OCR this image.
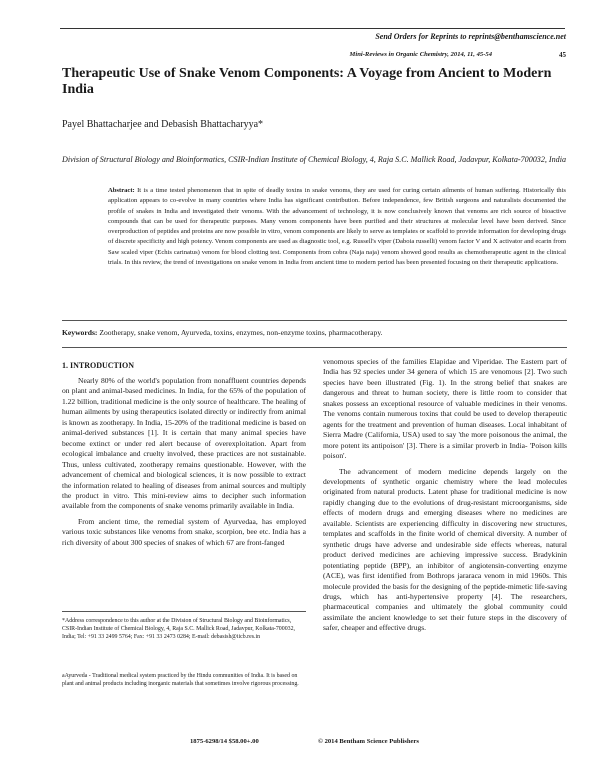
Send Orders for Reprints to reprints@benthamscience.net
Mini-Reviews in Organic Chemistry, 2014, 11, 45-54	45
Therapeutic Use of Snake Venom Components: A Voyage from Ancient to Modern India
Payel Bhattacharjee and Debasish Bhattacharyya*
Division of Structural Biology and Bioinformatics, CSIR-Indian Institute of Chemical Biology, 4, Raja S.C. Mallick Road, Jadavpur, Kolkata-700032, India
Abstract: It is a time tested phenomenon that in spite of deadly toxins in snake venoms, they are used for curing certain ailments of human suffering. Historically this application appears to co-evolve in many countries where India has significant contribution. Before independence, few British surgeons and naturalists documented the profile of snakes in India and investigated their venoms. With the advancement of technology, it is now conclusively known that venoms are rich source of bioactive compounds that can be used for therapeutic purposes. Many venom components have been purified and their structures at molecular level have been derived. Since overproduction of peptides and proteins are now possible in vitro, venom components are likely to serve as templates or scaffold to provide information for developing drugs of discrete specificity and high potency. Venom components are used as diagnostic tool, e.g. Russell's viper (Daboia russelli) venom factor V and X activator and ecarin from Saw scaled viper (Echis carinatus) venom for blood clotting test. Components from cobra (Naja naja) venom showed good results as chemotherapeutic agent in the clinical trials. In this review, the trend of investigations on snake venom in India from ancient time to modern period has been presented focusing on their therapeutic applications.
Keywords: Zootherapy, snake venom, Ayurveda, toxins, enzymes, non-enzyme toxins, pharmacotherapy.
1. INTRODUCTION

Nearly 80% of the world's population from nonaffluent countries depends on plant and animal-based medicines. In India, for the 65% of the population of 1.22 billion, traditional medicine is the only source of healthcare. The healing of human ailments by using therapeutics isolated directly or indirectly from animal is known as zootherapy. In India, 15-20% of the traditional medicine is based on animal-derived substances [1]. It is certain that many animal species have become extinct or under red alert because of overexploitation. Apart from ecological imbalance and cruelty involved, these practices are not sustainable. Thus, unless cultivated, zootherapy remains questionable. However, with the advancement of chemical and biological sciences, it is now possible to extract the information related to healing of diseases from animal sources and multiply the product in vitro. This mini-review aims to decipher such information available from the components of snake venoms primarily available in India.

From ancient time, the remedial system of Ayurvedaa, has employed various toxic substances like venoms from snake, scorpion, bee etc. India has a rich diversity of about 300 species of snakes of which 67 are front-fanged

venomous species of the families Elapidae and Viperidae. The Eastern part of India has 92 species under 34 genera of which 15 are venomous [2]. Two such species have been illustrated (Fig. 1). In the strong belief that snakes are dangerous and threat to human society, there is little room to consider that snakes possess an exceptional resource of valuable medicines in their venoms. The venoms contain numerous toxins that could be used to develop therapeutic agents for the treatment and prevention of human diseases. Local inhabitant of Sierra Madre (California, USA) used to say 'the more poisonous the animal, the more potent its antipoison' [3]. There is a similar proverb in India- 'Poison kills poison'.

The advancement of modern medicine depends largely on the developments of synthetic organic chemistry where the lead molecules originated from natural products. Latent phase for traditional medicine is now rapidly changing due to the evolutions of drug-resistant microorganisms, side effects of modern drugs and emerging diseases where no medicines are available. Scientists are experiencing difficulty in discovering new structures, templates and scaffolds in the finite world of chemical diversity. A number of synthetic drugs have adverse and undesirable side effects whereas, natural product derived medicines are achieving impressive success. Bradykinin potentiating peptide (BPP), an inhibitor of angiotensin-converting enzyme (ACE), was first identified from Bothrops jararaca venom in mid 1960s. This molecule provided the basis for the designing of the peptide-mimetic life-saving drugs, which has anti-hypertensive property [4]. The researchers, pharmaceutical companies and ultimately the global community could assimilate the ancient knowledge to set their future steps in the discovery of safer, cheaper and effective drugs.

*Address correspondence to this author at the Division of Structural Biology and Bioinformatics, CSIR-Indian Institute of Chemical Biology, 4, Raja S.C. Mallick Road, Jadavpur, Kolkata-700032, India; Tel: +91 33 2499 5764; Fax: +91 33 2473 0284; E-mail: debasish@iicb.res.in
aAyurveda - Traditional medical system practiced by the Hindu communities of India. It is based on plant and animal products including inorganic materials that sometimes involve rigorous processing.
1875-6298/14 $58.00+.00	© 2014 Bentham Science Publishers
